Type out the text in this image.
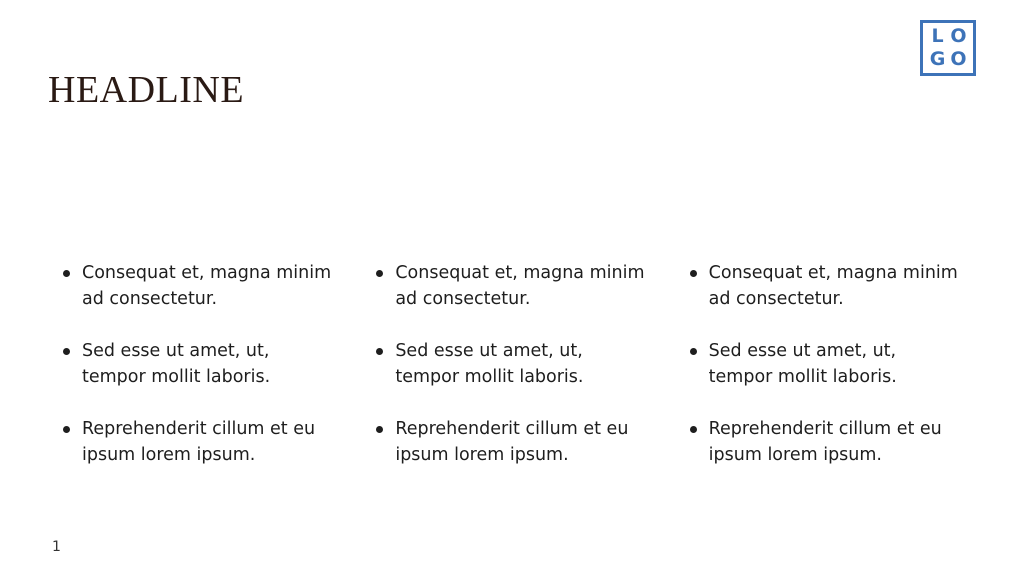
HEADLINE
L O
G O
Consequat et, magna minim ad consectetur.
Sed esse ut amet, ut, tempor mollit laboris.
Reprehenderit cillum et eu ipsum lorem ipsum.
Consequat et, magna minim ad consectetur.
Sed esse ut amet, ut, tempor mollit laboris.
Reprehenderit cillum et eu ipsum lorem ipsum.
Consequat et, magna minim ad consectetur.
Sed esse ut amet, ut, tempor mollit laboris.
Reprehenderit cillum et eu ipsum lorem ipsum.
1
